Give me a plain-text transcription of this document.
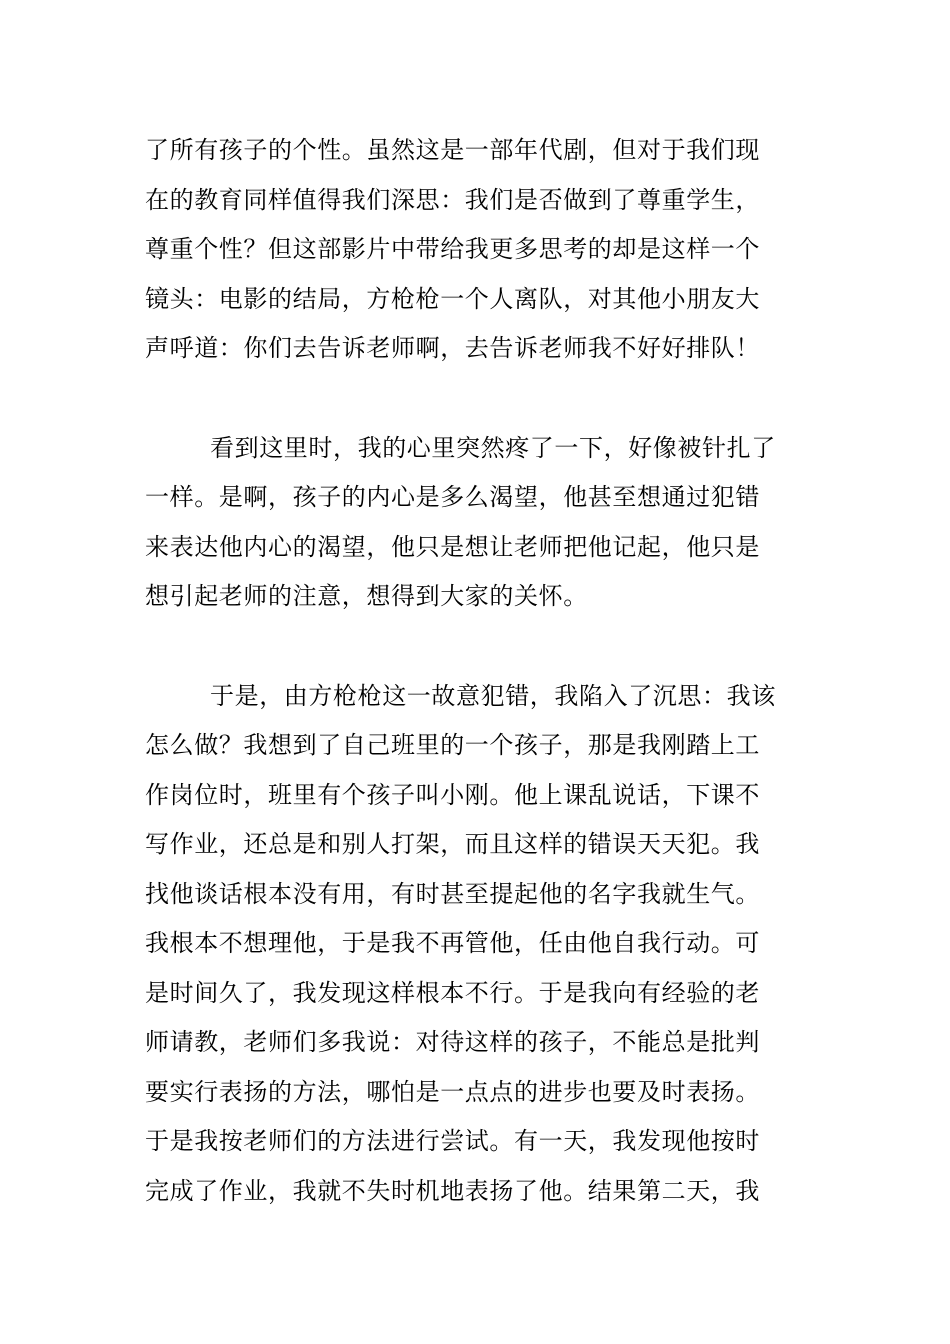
了所有孩子的个性。虽然这是一部年代剧，但对于我们现
在的教育同样值得我们深思：我们是否做到了尊重学生，
尊重个性？但这部影片中带给我更多思考的却是这样一个
镜头：电影的结局，方枪枪一个人离队，对其他小朋友大
声呼道：你们去告诉老师啊，去告诉老师我不好好排队！
看到这里时，我的心里突然疼了一下，好像被针扎了
一样。是啊，孩子的内心是多么渴望，他甚至想通过犯错
来表达他内心的渴望，他只是想让老师把他记起，他只是
想引起老师的注意，想得到大家的关怀。
于是，由方枪枪这一故意犯错，我陷入了沉思：我该
怎么做？我想到了自己班里的一个孩子，那是我刚踏上工
作岗位时，班里有个孩子叫小刚。他上课乱说话，下课不
写作业，还总是和别人打架，而且这样的错误天天犯。我
找他谈话根本没有用，有时甚至提起他的名字我就生气。
我根本不想理他，于是我不再管他，任由他自我行动。可
是时间久了，我发现这样根本不行。于是我向有经验的老
师请教，老师们多我说：对待这样的孩子，不能总是批判
要实行表扬的方法，哪怕是一点点的进步也要及时表扬。
于是我按老师们的方法进行尝试。有一天，我发现他按时
完成了作业，我就不失时机地表扬了他。结果第二天，我
